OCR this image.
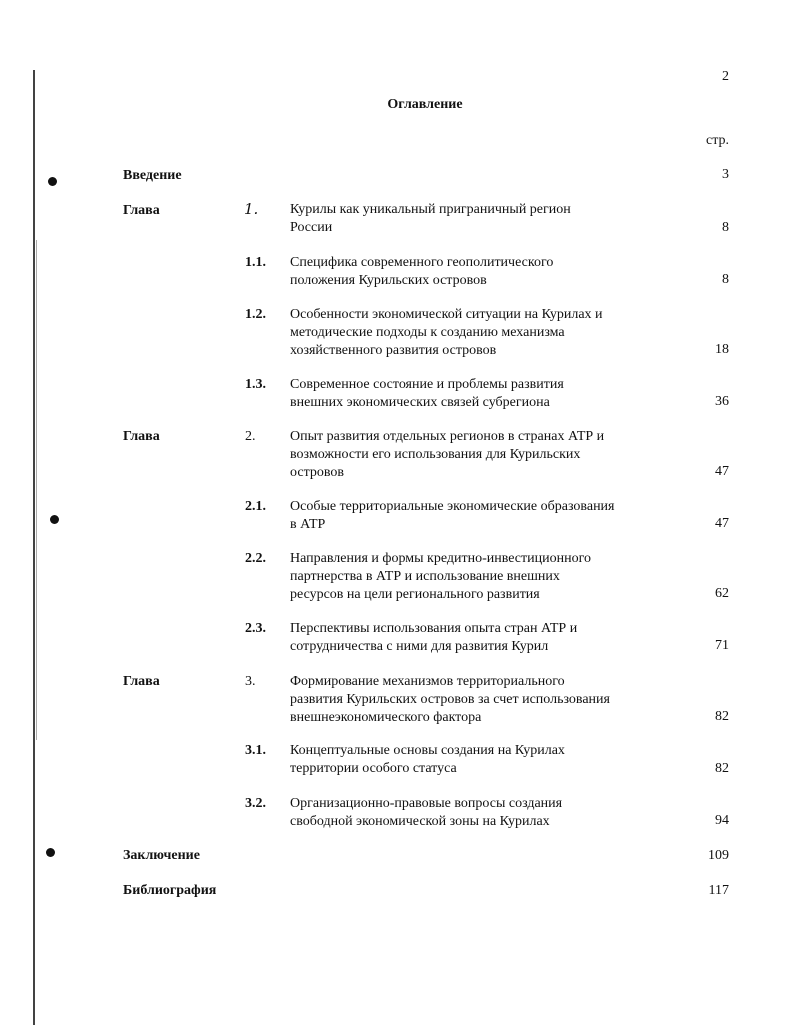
2
Оглавление
стр.
Введение	3
Глава	1. Курилы как уникальный приграничный регион
России	8
1.1. Специфика современного геополитического
положения Курильских островов	8
1.2. Особенности экономической ситуации на Курилах и
методические подходы к созданию механизма
хозяйственного развития островов	18
1.3. Современное состояние и проблемы развития
внешних экономических связей субрегиона	36
Глава	2. Опыт развития отдельных регионов в странах АТР и
возможности его использования для Курильских
островов	47
2.1. Особые территориальные экономические образования
в АТР	47
2.2. Направления и формы кредитно-инвестиционного
партнерства в АТР и использование внешних
ресурсов на цели регионального развития	62
2.3. Перспективы использования опыта стран АТР и
сотрудничества с ними для развития Курил	71
Глава	3. Формирование механизмов территориального
развития Курильских островов за счет использования
внешнеэкономического фактора	82
3.1. Концептуальные основы создания на Курилах
территории особого статуса	82
3.2. Организационно-правовые вопросы создания
свободной экономической зоны на Курилах	94
Заключение	109
Библиография	117
